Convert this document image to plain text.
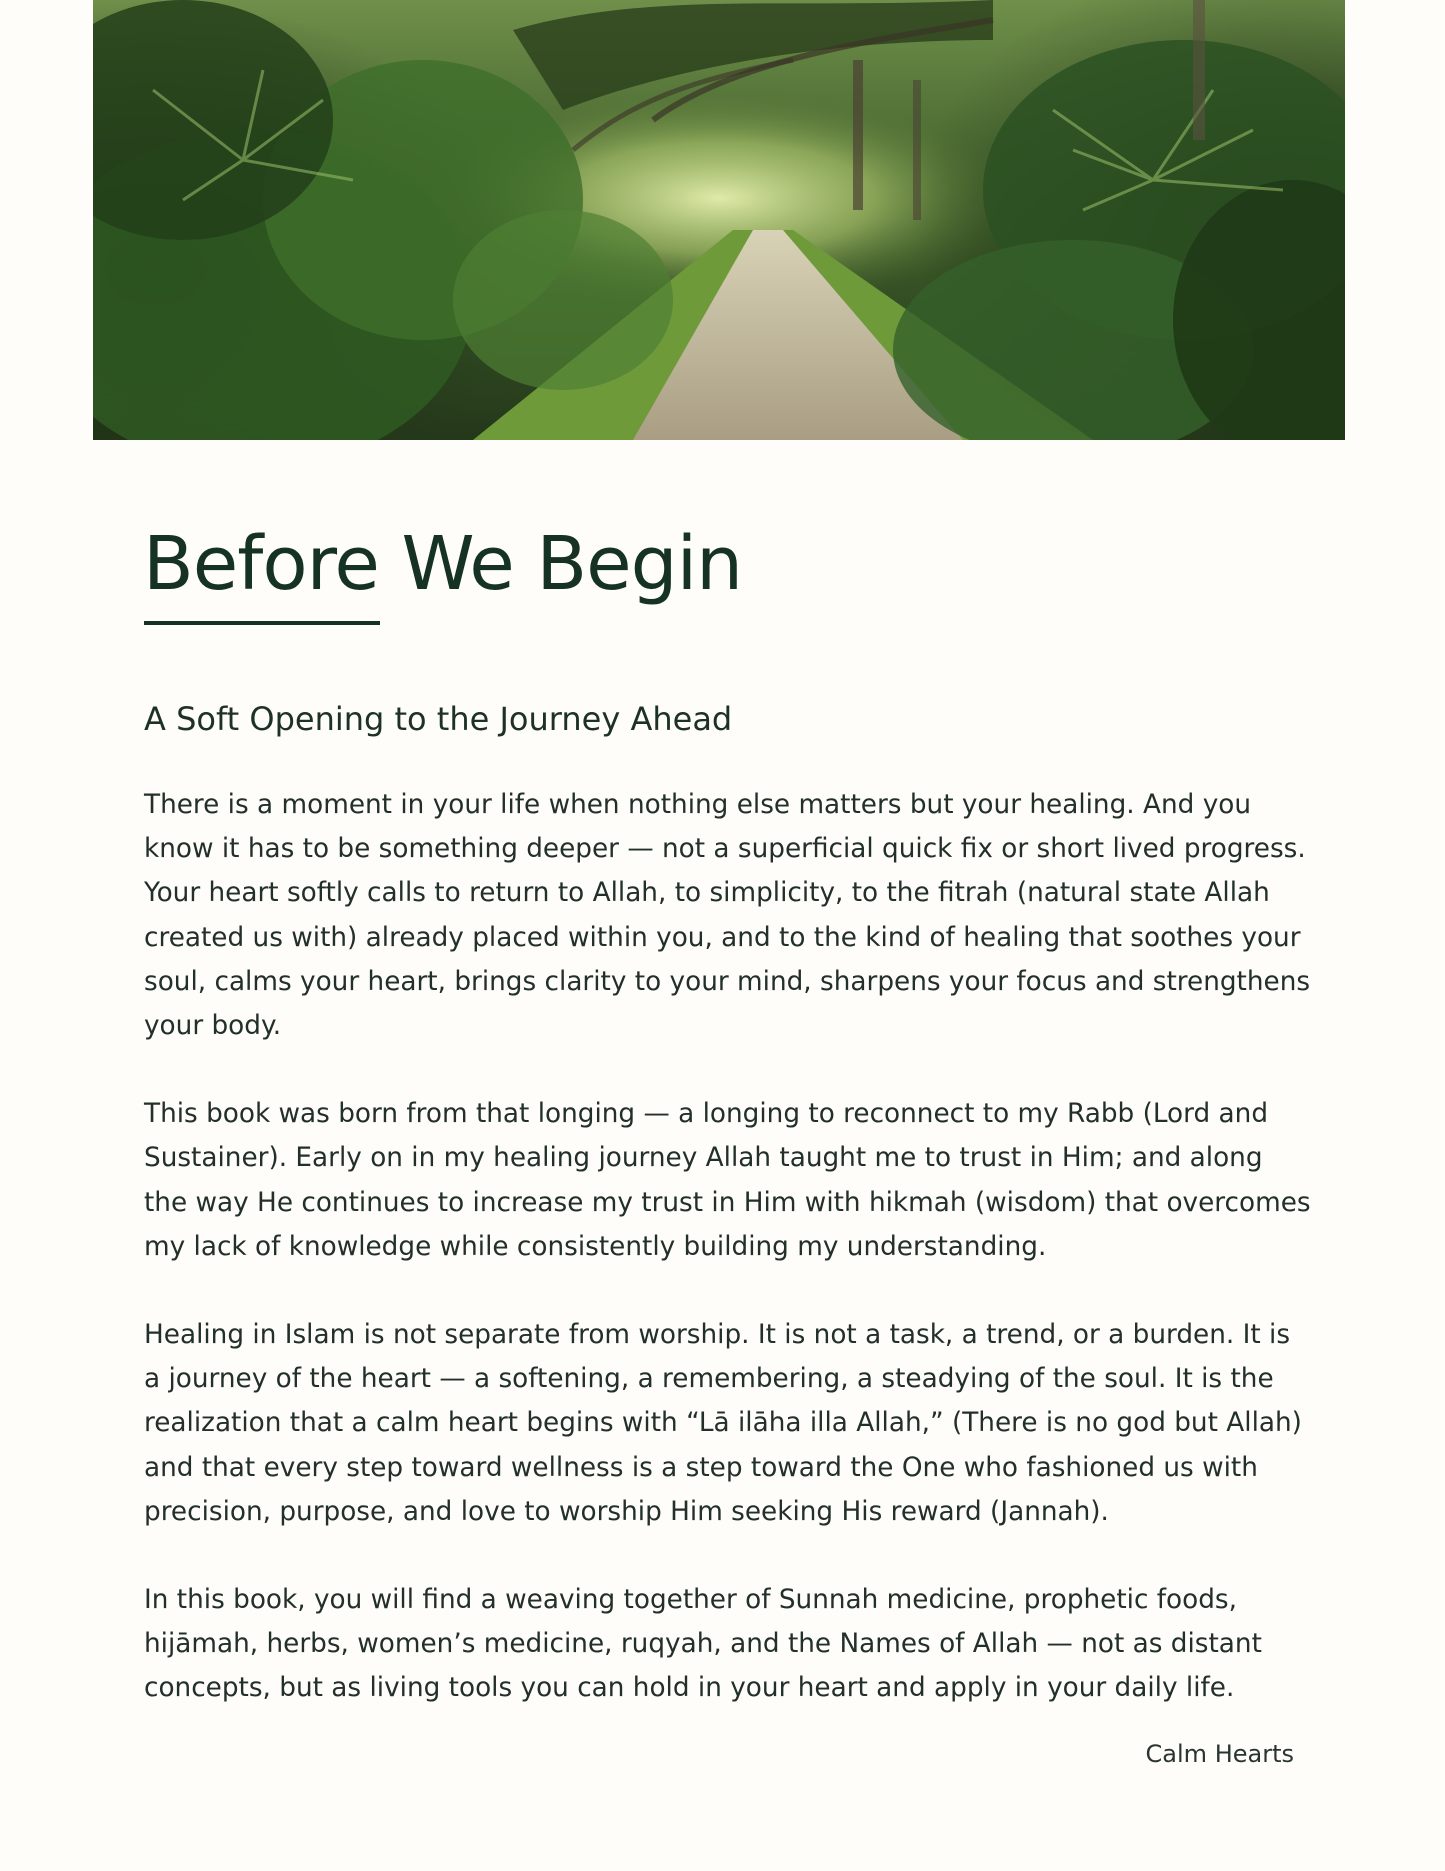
Before We Begin
A Soft Opening to the Journey Ahead

There is a moment in your life when nothing else matters but your healing. And you know it has to be something deeper — not a superficial quick fix or short lived progress. Your heart softly calls to return to Allah, to simplicity, to the fitrah (natural state Allah created us with) already placed within you, and to the kind of healing that soothes your soul, calms your heart, brings clarity to your mind, sharpens your focus and strengthens your body.

This book was born from that longing — a longing to reconnect to my Rabb (Lord and Sustainer). Early on in my healing journey Allah taught me to trust in Him; and along the way He continues to increase my trust in Him with hikmah (wisdom) that overcomes my lack of knowledge while consistently building my understanding.

Healing in Islam is not separate from worship. It is not a task, a trend, or a burden. It is a journey of the heart — a softening, a remembering, a steadying of the soul. It is the realization that a calm heart begins with “Lā ilāha illa Allah,” (There is no god but Allah) and that every step toward wellness is a step toward the One who fashioned us with precision, purpose, and love to worship Him seeking His reward (Jannah).

In this book, you will find a weaving together of Sunnah medicine, prophetic foods, hijāmah, herbs, women’s medicine, ruqyah, and the Names of Allah — not as distant concepts, but as living tools you can hold in your heart and apply in your daily life.

Calm Hearts
